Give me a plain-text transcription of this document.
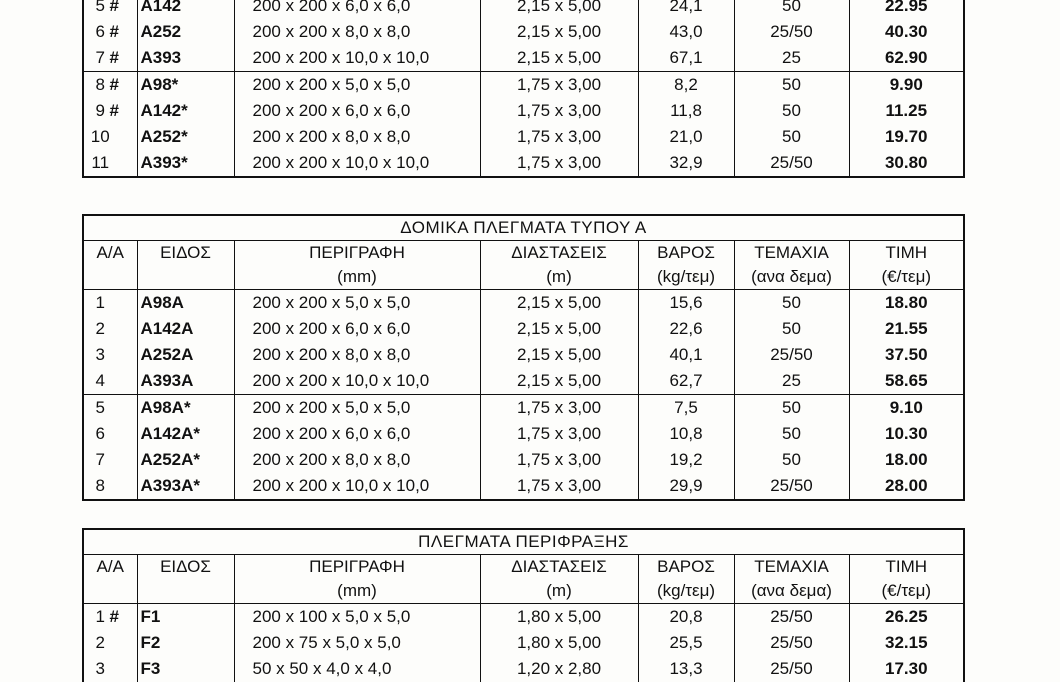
5 #	A142	200 x 200 x 6,0 x 6,0	2,15 x 5,00	24,1	50	22.95
6 #	A252	200 x 200 x 8,0 x 8,0	2,15 x 5,00	43,0	25/50	40.30
7 #	A393	200 x 200 x 10,0 x 10,0	2,15 x 5,00	67,1	25	62.90
8 #	A98*	200 x 200 x 5,0 x 5,0	1,75 x 3,00	8,2	50	9.90
9 #	A142*	200 x 200 x 6,0 x 6,0	1,75 x 3,00	11,8	50	11.25
10	A252*	200 x 200 x 8,0 x 8,0	1,75 x 3,00	21,0	50	19.70
11	A393*	200 x 200 x 10,0 x 10,0	1,75 x 3,00	32,9	25/50	30.80
ΔΟΜΙΚΑ ΠΛΕΓΜΑΤΑ ΤΥΠΟΥ Α						
Α/Α	ΕΙΔΟΣ	ΠΕΡΙΓΡΑΦΗ	ΔΙΑΣΤΑΣΕΙΣ	ΒΑΡΟΣ	ΤΕΜΑΧΙΑ	ΤΙΜΗ
		(mm)	(m)	(kg/τεμ)	(ανα δεμα)	(€/τεμ)
1	A98A	200 x 200 x 5,0 x 5,0	2,15 x 5,00	15,6	50	18.80
2	A142A	200 x 200 x 6,0 x 6,0	2,15 x 5,00	22,6	50	21.55
3	A252A	200 x 200 x 8,0 x 8,0	2,15 x 5,00	40,1	25/50	37.50
4	A393A	200 x 200 x 10,0 x 10,0	2,15 x 5,00	62,7	25	58.65
5	A98A*	200 x 200 x 5,0 x 5,0	1,75 x 3,00	7,5	50	9.10
6	A142A*	200 x 200 x 6,0 x 6,0	1,75 x 3,00	10,8	50	10.30
7	A252A*	200 x 200 x 8,0 x 8,0	1,75 x 3,00	19,2	50	18.00
8	A393A*	200 x 200 x 10,0 x 10,0	1,75 x 3,00	29,9	25/50	28.00
ΠΛΕΓΜΑΤΑ ΠΕΡΙΦΡΑΞΗΣ						
Α/Α	ΕΙΔΟΣ	ΠΕΡΙΓΡΑΦΗ	ΔΙΑΣΤΑΣΕΙΣ	ΒΑΡΟΣ	ΤΕΜΑΧΙΑ	ΤΙΜΗ
		(mm)	(m)	(kg/τεμ)	(ανα δεμα)	(€/τεμ)
1 #	F1	200 x 100 x 5,0 x 5,0	1,80 x 5,00	20,8	25/50	26.25
2	F2	200 x 75 x 5,0 x 5,0	1,80 x 5,00	25,5	25/50	32.15
3	F3	50 x 50 x 4,0 x 4,0	1,20 x 2,80	13,3	25/50	17.30
